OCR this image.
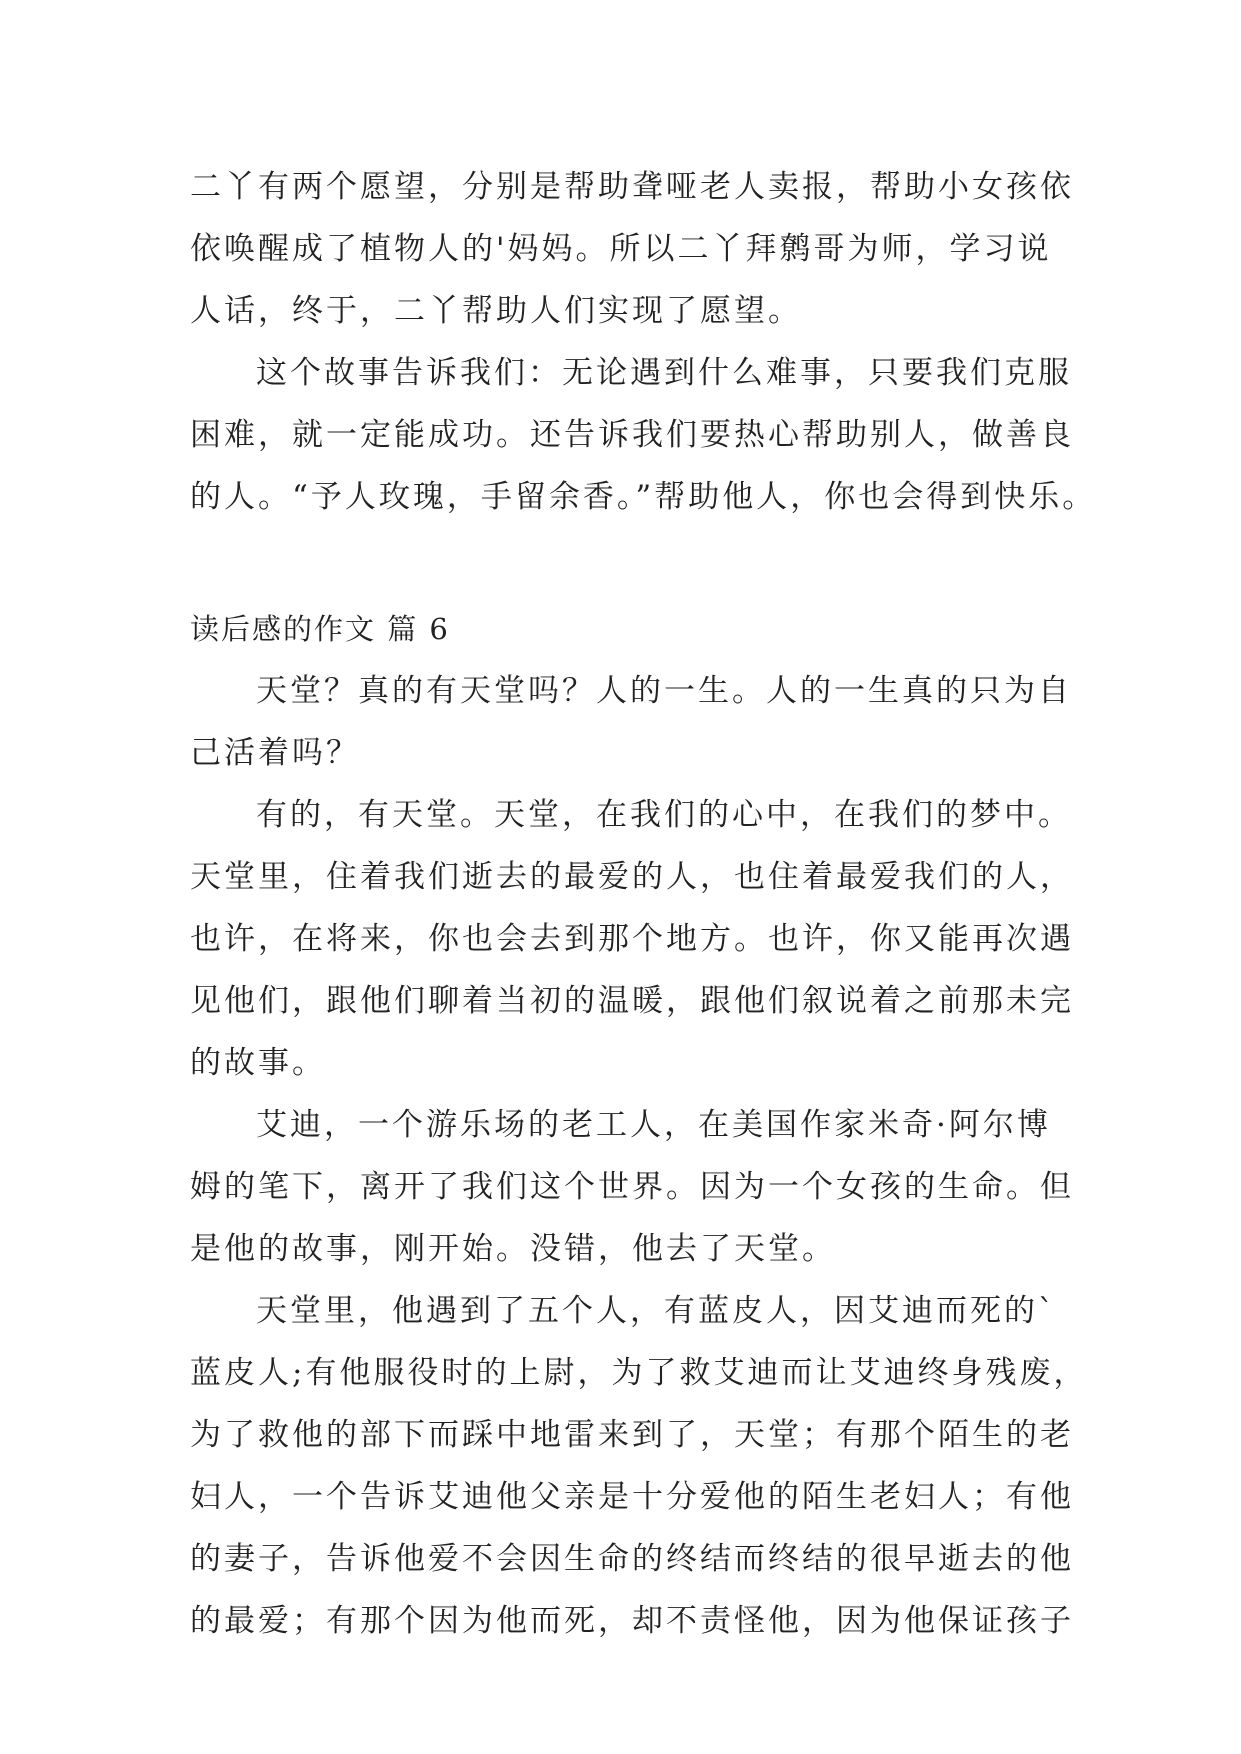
二丫有两个愿望，分别是帮助聋哑老人卖报，帮助小女孩依
依唤醒成了植物人的'妈妈。所以二丫拜鹩哥为师，学习说
人话，终于，二丫帮助人们实现了愿望。
这个故事告诉我们：无论遇到什么难事，只要我们克服
困难，就一定能成功。还告诉我们要热心帮助别人，做善良
的人。“予人玫瑰，手留余香。”帮助他人，你也会得到快乐。
读后感的作文 篇 6
天堂？真的有天堂吗？人的一生。人的一生真的只为自
己活着吗？
有的，有天堂。天堂，在我们的心中，在我们的梦中。
天堂里，住着我们逝去的最爱的人，也住着最爱我们的人，
也许，在将来，你也会去到那个地方。也许，你又能再次遇
见他们，跟他们聊着当初的温暖，跟他们叙说着之前那未完
的故事。
艾迪，一个游乐场的老工人，在美国作家米奇·阿尔博
姆的笔下，离开了我们这个世界。因为一个女孩的生命。但
是他的故事，刚开始。没错，他去了天堂。
天堂里，他遇到了五个人，有蓝皮人，因艾迪而死的`
蓝皮人;有他服役时的上尉，为了救艾迪而让艾迪终身残废，
为了救他的部下而踩中地雷来到了，天堂；有那个陌生的老
妇人，一个告诉艾迪他父亲是十分爱他的陌生老妇人；有他
的妻子，告诉他爱不会因生命的终结而终结的很早逝去的他
的最爱；有那个因为他而死，却不责怪他，因为他保证孩子
